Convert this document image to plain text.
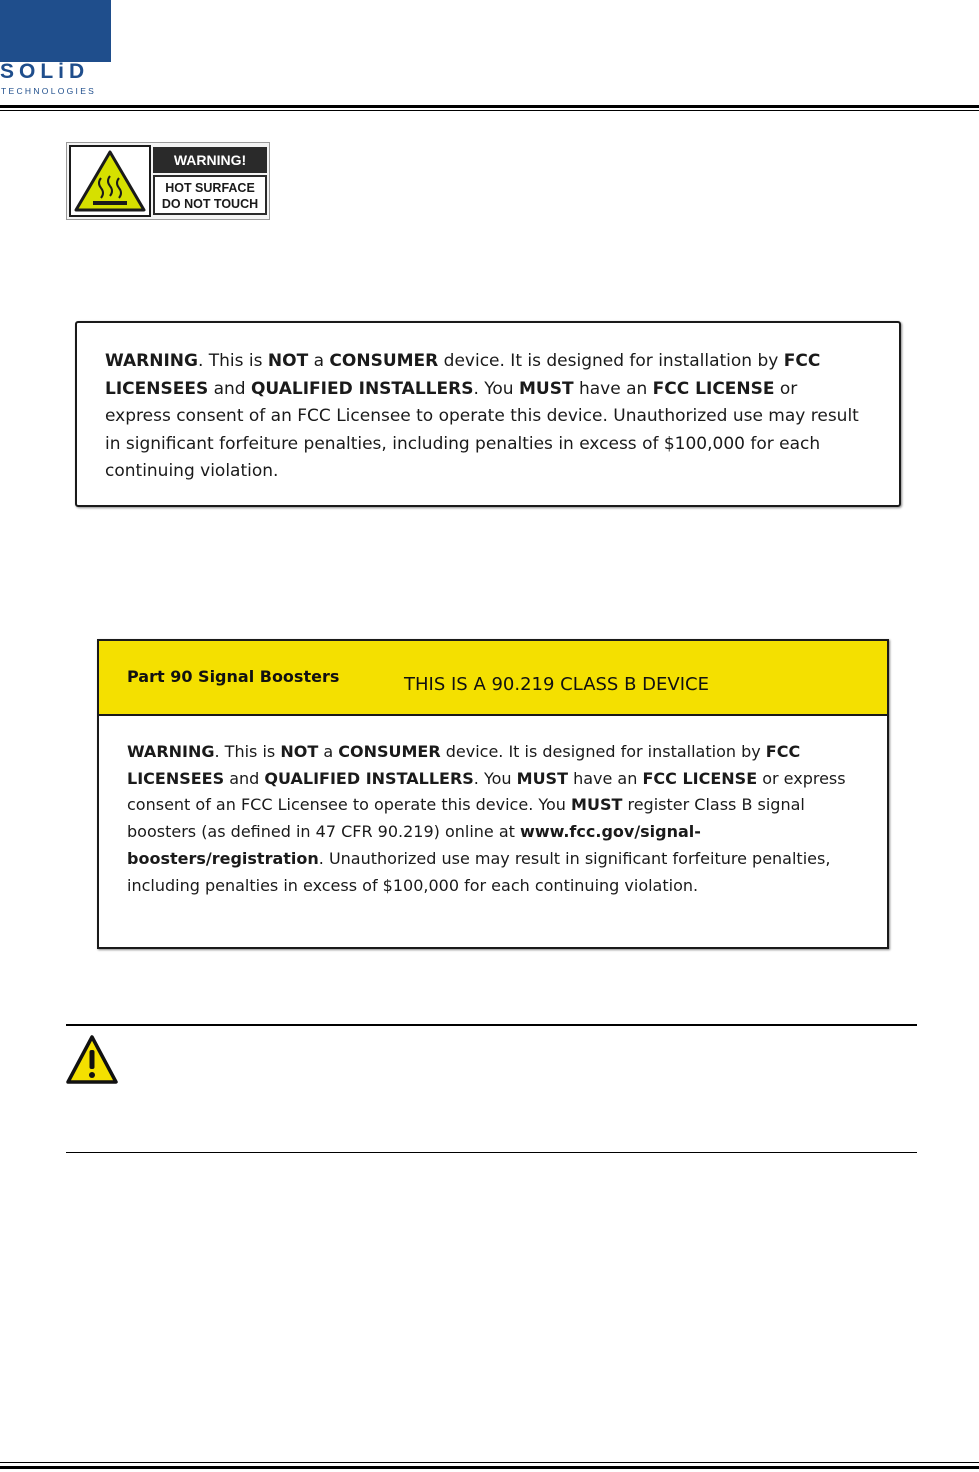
SOLiD
TECHNOLOGIES
WARNING!
HOT SURFACE
DO NOT TOUCH

WARNING. This is NOT a CONSUMER device. It is designed for installation by FCC LICENSEES and QUALIFIED INSTALLERS. You MUST have an FCC LICENSE or express consent of an FCC Licensee to operate this device. Unauthorized use may result in significant forfeiture penalties, including penalties in excess of $100,000 for each continuing violation.

Part 90 Signal Boosters	THIS IS A 90.219 CLASS B DEVICE

WARNING. This is NOT a CONSUMER device. It is designed for installation by FCC LICENSEES and QUALIFIED INSTALLERS. You MUST have an FCC LICENSE or express consent of an FCC Licensee to operate this device. You MUST register Class B signal boosters (as defined in 47 CFR 90.219) online at www.fcc.gov/signal-boosters/registration. Unauthorized use may result in significant forfeiture penalties, including penalties in excess of $100,000 for each continuing violation.
